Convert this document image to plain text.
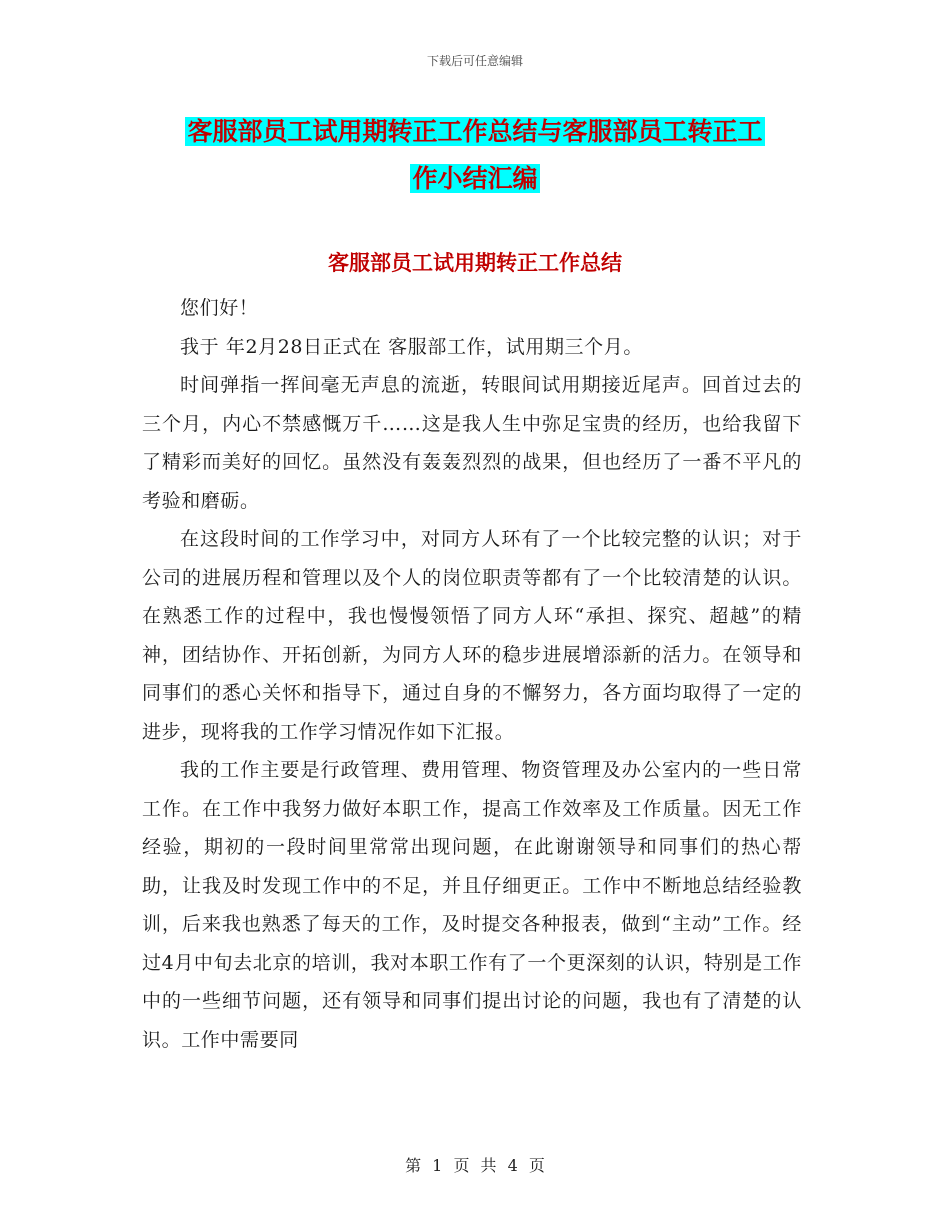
下载后可任意编辑
客服部员工试用期转正工作总结与客服部员工转正工
作小结汇编
客服部员工试用期转正工作总结

您们好！

我于 年2月28日正式在 客服部工作，试用期三个月。

时间弹指一挥间毫无声息的流逝，转眼间试用期接近尾声。回首过去的三个月，内心不禁感慨万千……这是我人生中弥足宝贵的经历，也给我留下了精彩而美好的回忆。虽然没有轰轰烈烈的战果，但也经历了一番不平凡的考验和磨砺。

在这段时间的工作学习中，对同方人环有了一个比较完整的认识；对于公司的进展历程和管理以及个人的岗位职责等都有了一个比较清楚的认识。在熟悉工作的过程中，我也慢慢领悟了同方人环“承担、探究、超越”的精神，团结协作、开拓创新，为同方人环的稳步进展增添新的活力。在领导和同事们的悉心关怀和指导下，通过自身的不懈努力，各方面均取得了一定的进步，现将我的工作学习情况作如下汇报。

我的工作主要是行政管理、费用管理、物资管理及办公室内的一些日常工作。在工作中我努力做好本职工作，提高工作效率及工作质量。因无工作经验，期初的一段时间里常常出现问题，在此谢谢领导和同事们的热心帮助，让我及时发现工作中的不足，并且仔细更正。工作中不断地总结经验教训，后来我也熟悉了每天的工作，及时提交各种报表，做到“主动”工作。经过4月中旬去北京的培训，我对本职工作有了一个更深刻的认识，特别是工作中的一些细节问题，还有领导和同事们提出讨论的问题，我也有了清楚的认识。工作中需要同

第 1 页 共 4 页
